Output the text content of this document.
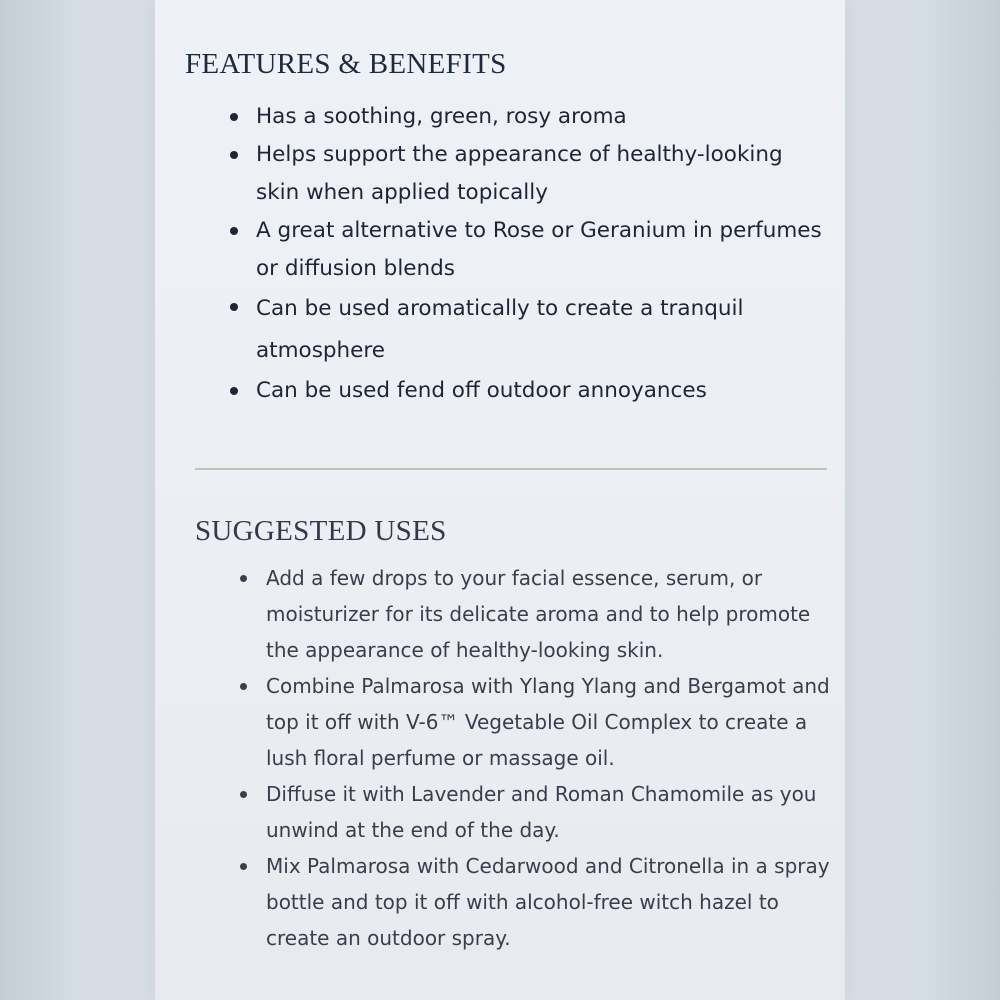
FEATURES & BENEFITS
Has a soothing, green, rosy aroma
Helps support the appearance of healthy-looking skin when applied topically
A great alternative to Rose or Geranium in perfumes or diffusion blends
Can be used aromatically to create a tranquil atmosphere
Can be used fend off outdoor annoyances
SUGGESTED USES
Add a few drops to your facial essence, serum, or moisturizer for its delicate aroma and to help promote the appearance of healthy-looking skin.
Combine Palmarosa with Ylang Ylang and Bergamot and top it off with V-6™ Vegetable Oil Complex to create a lush floral perfume or massage oil.
Diffuse it with Lavender and Roman Chamomile as you unwind at the end of the day.
Mix Palmarosa with Cedarwood and Citronella in a spray bottle and top it off with alcohol-free witch hazel to create an outdoor spray.
